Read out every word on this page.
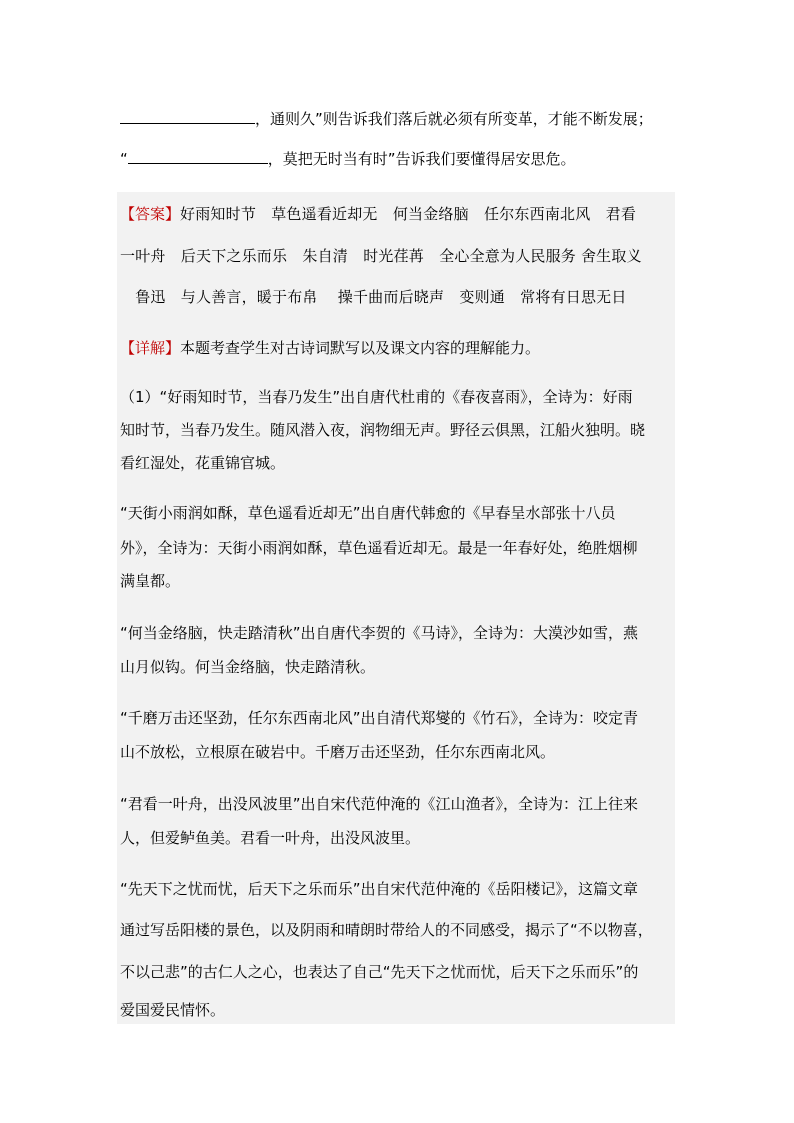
，通则久”则告诉我们落后就必须有所变革，才能不断发展；
“	，莫把无时当有时”告诉我们要懂得居安思危。
【答案】好雨知时节　草色遥看近却无　何当金络脑　任尔东西南北风　君看
一叶舟　后天下之乐而乐　朱自清　时光荏苒　全心全意为人民服务 舍生取义
　鲁迅　与人善言，暖于布帛　 操千曲而后晓声　变则通　常将有日思无日
【详解】本题考查学生对古诗词默写以及课文内容的理解能力。
（1）“好雨知时节，当春乃发生”出自唐代杜甫的《春夜喜雨》，全诗为：好雨
知时节，当春乃发生。随风潜入夜，润物细无声。野径云俱黑，江船火独明。晓
看红湿处，花重锦官城。
“天街小雨润如酥，草色遥看近却无”出自唐代韩愈的《早春呈水部张十八员
外》，全诗为：天街小雨润如酥，草色遥看近却无。最是一年春好处，绝胜烟柳
满皇都。
“何当金络脑，快走踏清秋”出自唐代李贺的《马诗》，全诗为：大漠沙如雪，燕
山月似钩。何当金络脑，快走踏清秋。
“千磨万击还坚劲，任尔东西南北风”出自清代郑燮的《竹石》，全诗为：咬定青
山不放松，立根原在破岩中。千磨万击还坚劲，任尔东西南北风。
“君看一叶舟，出没风波里”出自宋代范仲淹的《江山渔者》，全诗为：江上往来
人，但爱鲈鱼美。君看一叶舟，出没风波里。
“先天下之忧而忧，后天下之乐而乐”出自宋代范仲淹的《岳阳楼记》，这篇文章
通过写岳阳楼的景色，以及阴雨和晴朗时带给人的不同感受，揭示了“不以物喜，
不以己悲”的古仁人之心，也表达了自己“先天下之忧而忧，后天下之乐而乐”的
爱国爱民情怀。
